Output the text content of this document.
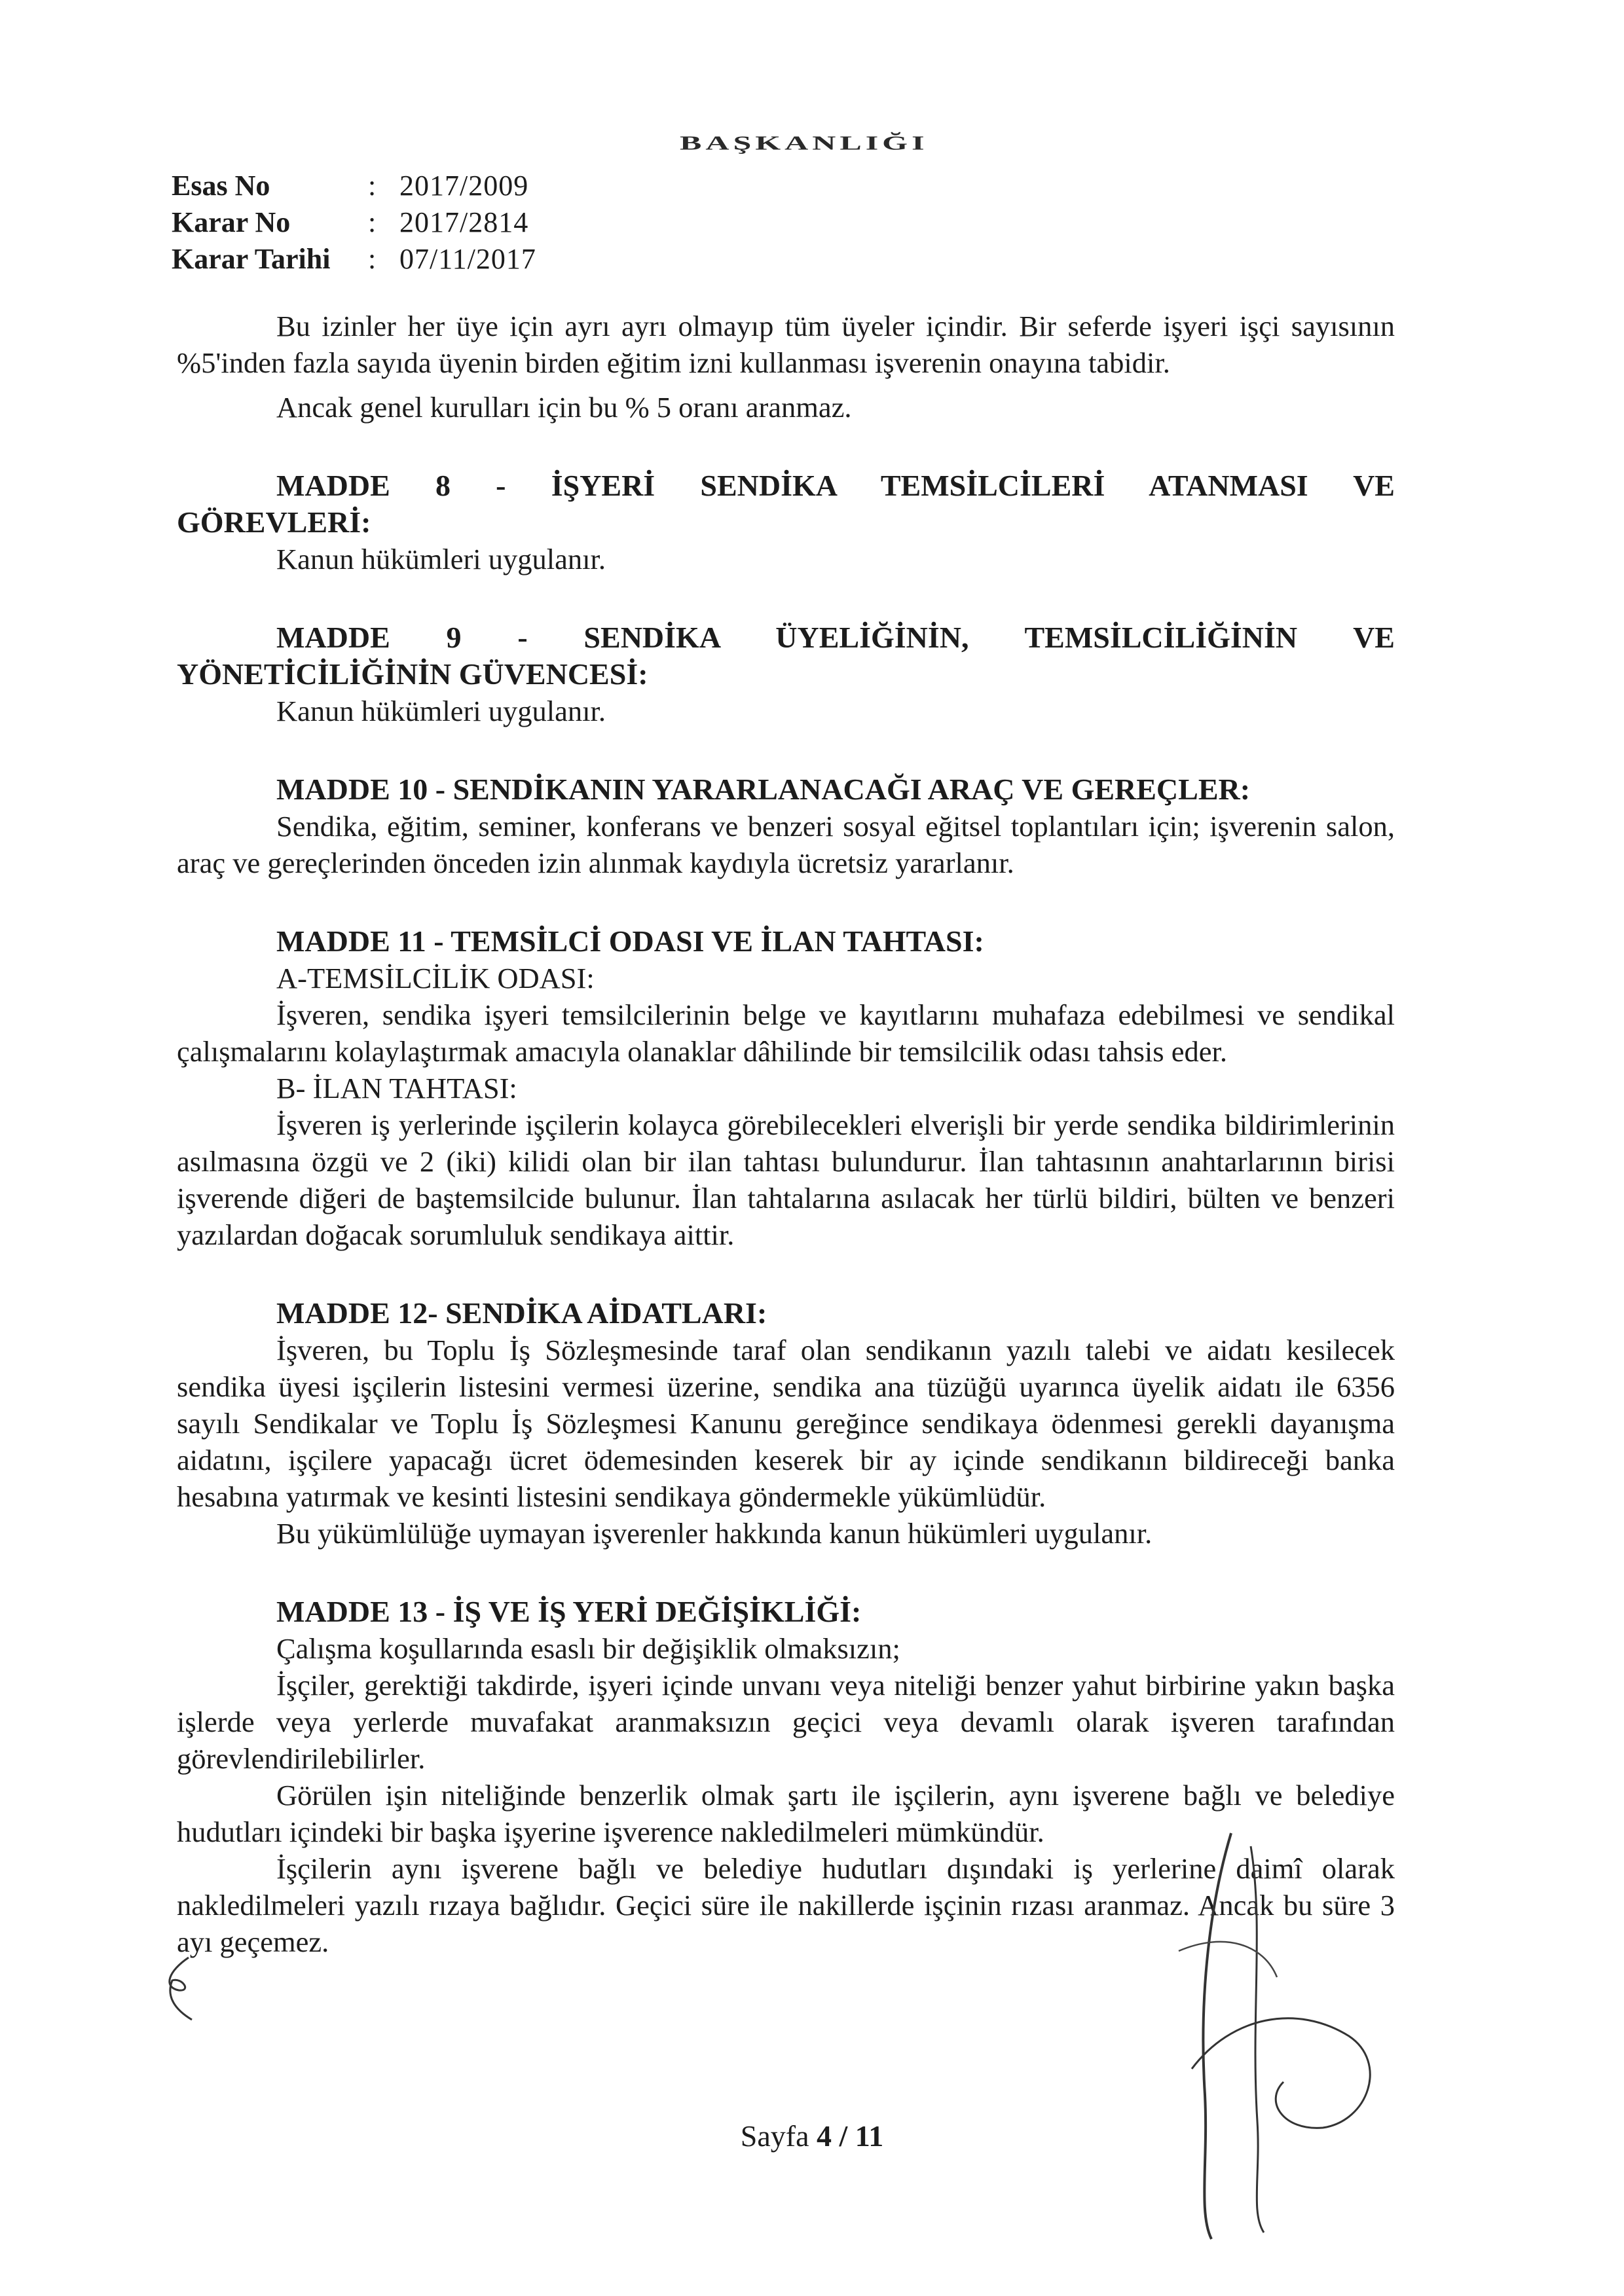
BAŞKANLIĞI
Esas No	: 2017/2009
Karar No	: 2017/2814
Karar Tarihi	: 07/11/2017

Bu izinler her üye için ayrı ayrı olmayıp tüm üyeler içindir. Bir seferde işyeri işçi sayısının %5'inden fazla sayıda üyenin birden eğitim izni kullanması işverenin onayına tabidir.

Ancak genel kurulları için bu % 5 oranı aranmaz.

MADDE 8 - İŞYERİ SENDİKA TEMSİLCİLERİ ATANMASI VE

GÖREVLERİ:

Kanun hükümleri uygulanır.

MADDE 9 - SENDİKA ÜYELİĞİNİN, TEMSİLCİLİĞİNİN VE

YÖNETİCİLİĞİNİN GÜVENCESİ:

Kanun hükümleri uygulanır.

MADDE 10 - SENDİKANIN YARARLANACAĞI ARAÇ VE GEREÇLER:

Sendika, eğitim, seminer, konferans ve benzeri sosyal eğitsel toplantıları için; işverenin salon, araç ve gereçlerinden önceden izin alınmak kaydıyla ücretsiz yararlanır.

MADDE 11 - TEMSİLCİ ODASI VE İLAN TAHTASI:

A-TEMSİLCİLİK ODASI:

İşveren, sendika işyeri temsilcilerinin belge ve kayıtlarını muhafaza edebilmesi ve sendikal çalışmalarını kolaylaştırmak amacıyla olanaklar dâhilinde bir temsilcilik odası tahsis eder.

B- İLAN TAHTASI:

İşveren iş yerlerinde işçilerin kolayca görebilecekleri elverişli bir yerde sendika bildirimlerinin asılmasına özgü ve 2 (iki) kilidi olan bir ilan tahtası bulundurur. İlan tahtasının anahtarlarının birisi işverende diğeri de baştemsilcide bulunur. İlan tahtalarına asılacak her türlü bildiri, bülten ve benzeri yazılardan doğacak sorumluluk sendikaya aittir.

MADDE 12- SENDİKA AİDATLARI:

İşveren, bu Toplu İş Sözleşmesinde taraf olan sendikanın yazılı talebi ve aidatı kesilecek sendika üyesi işçilerin listesini vermesi üzerine, sendika ana tüzüğü uyarınca üyelik aidatı ile 6356 sayılı Sendikalar ve Toplu İş Sözleşmesi Kanunu gereğince sendikaya ödenmesi gerekli dayanışma aidatını, işçilere yapacağı ücret ödemesinden keserek bir ay içinde sendikanın bildireceği banka hesabına yatırmak ve kesinti listesini sendikaya göndermekle yükümlüdür.

Bu yükümlülüğe uymayan işverenler hakkında kanun hükümleri uygulanır.

MADDE 13 - İŞ VE İŞ YERİ DEĞİŞİKLİĞİ:

Çalışma koşullarında esaslı bir değişiklik olmaksızın;

İşçiler, gerektiği takdirde, işyeri içinde unvanı veya niteliği benzer yahut birbirine yakın başka işlerde veya yerlerde muvafakat aranmaksızın geçici veya devamlı olarak işveren tarafından görevlendirilebilirler.

Görülen işin niteliğinde benzerlik olmak şartı ile işçilerin, aynı işverene bağlı ve belediye hudutları içindeki bir başka işyerine işverence nakledilmeleri mümkündür.

İşçilerin aynı işverene bağlı ve belediye hudutları dışındaki iş yerlerine daimî olarak nakledilmeleri yazılı rızaya bağlıdır. Geçici süre ile nakillerde işçinin rızası aranmaz. Ancak bu süre 3 ayı geçemez.

Sayfa 4 / 11
